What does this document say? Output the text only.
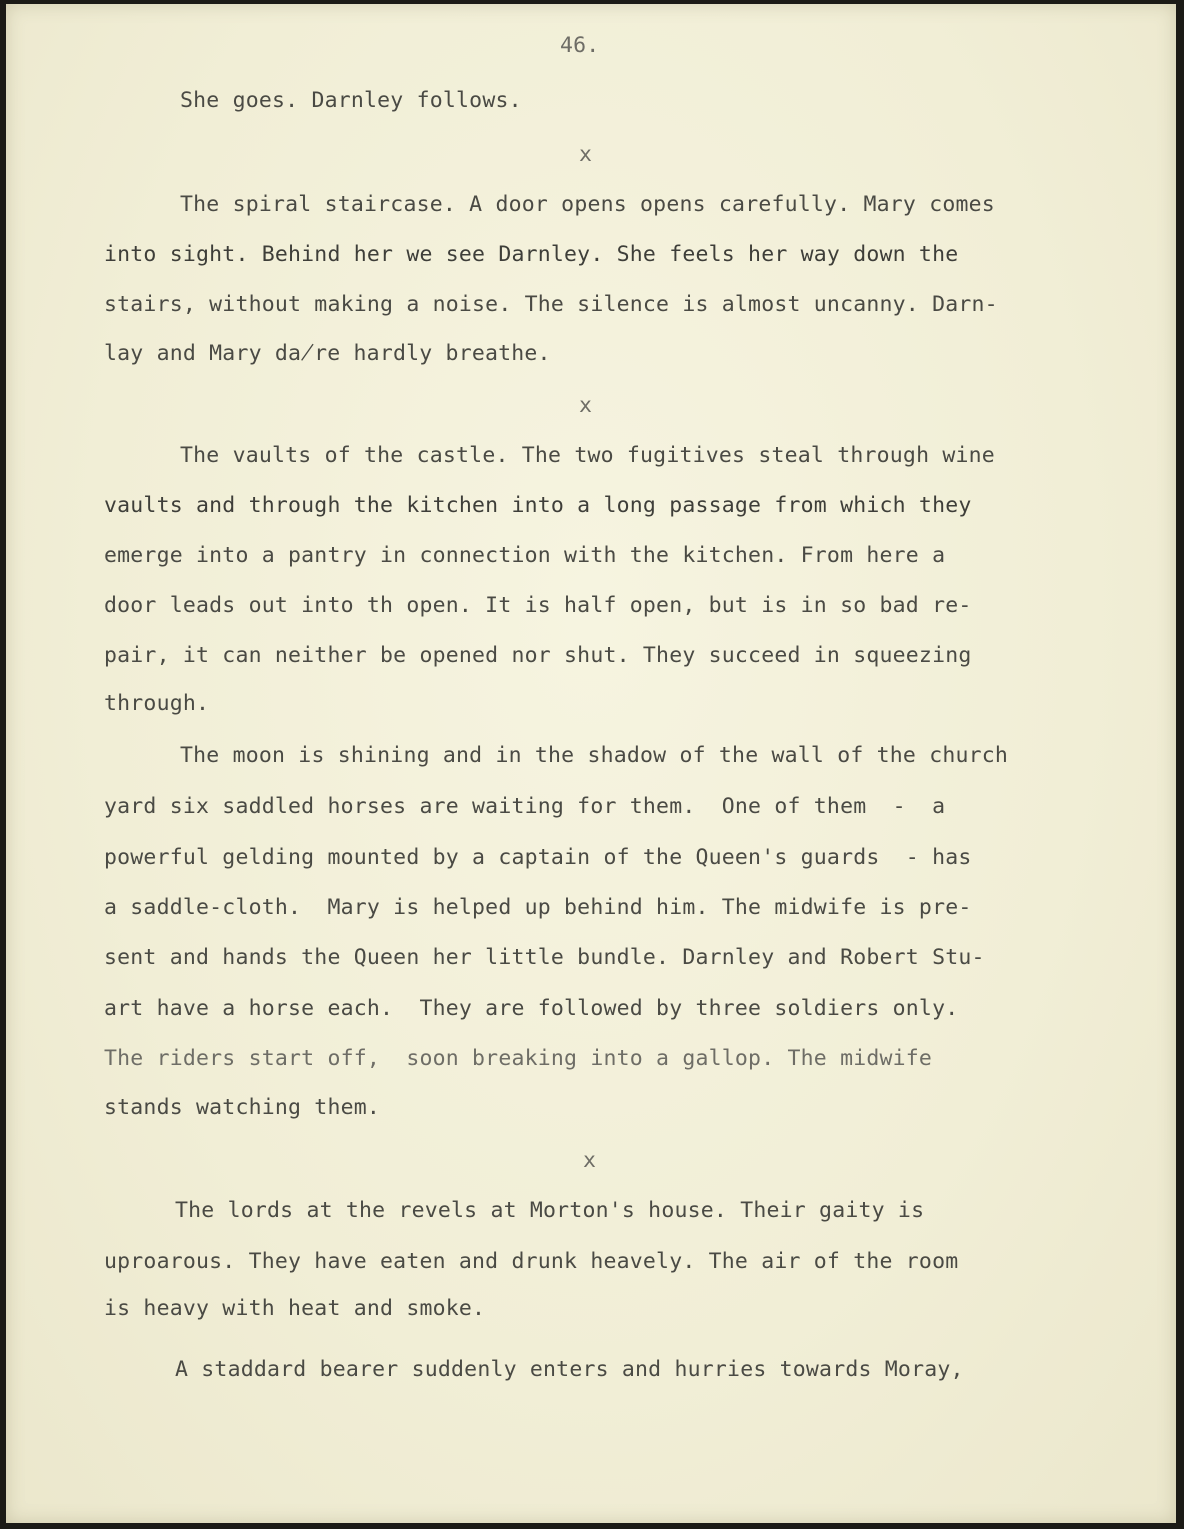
46.
She goes. Darnley follows.
x
The spiral staircase. A door opens opens carefully. Mary comes
into sight. Behind her we see Darnley. She feels her way down the
stairs, without making a noise. The silence is almost uncanny. Darn-
lay and Mary da̸re hardly breathe.
x
The vaults of the castle. The two fugitives steal through wine
vaults and through the kitchen into a long passage from which they
emerge into a pantry in connection with the kitchen. From here a
door leads out into th open. It is half open, but is in so bad re-
pair, it can neither be opened nor shut. They succeed in squeezing
through.
The moon is shining and in the shadow of the wall of the church
yard six saddled horses are waiting for them.  One of them  -  a
powerful gelding mounted by a captain of the Queen's guards  - has
a saddle-cloth.  Mary is helped up behind him. The midwife is pre-
sent and hands the Queen her little bundle. Darnley and Robert Stu-
art have a horse each.  They are followed by three soldiers only.
The riders start off,  soon breaking into a gallop. The midwife
stands watching them.
x
The lords at the revels at Morton's house. Their gaity is
uproarous. They have eaten and drunk heavely. The air of the room
is heavy with heat and smoke.
A staddard bearer suddenly enters and hurries towards Moray,
